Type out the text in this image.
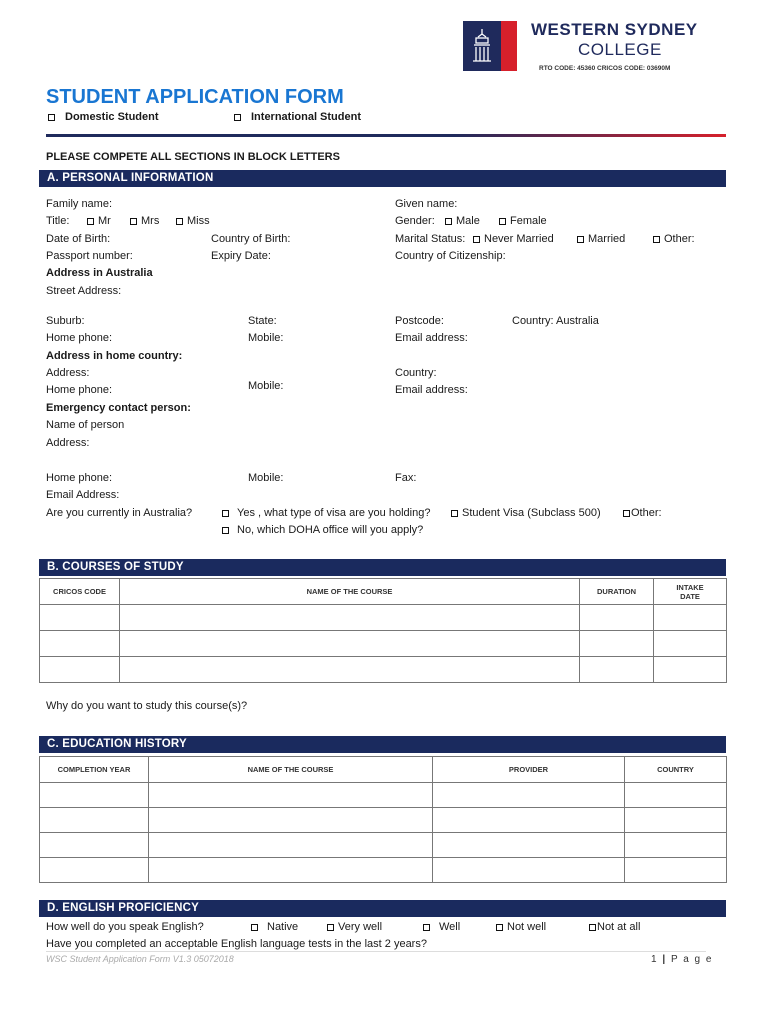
WESTERN SYDNEY
COLLEGE
RTO CODE: 45360 CRICOS CODE: 03690M
STUDENT APPLICATION FORM
Domestic Student	International Student
PLEASE COMPETE ALL SECTIONS IN BLOCK LETTERS
A. PERSONAL INFORMATION
Family name:	Given name:
Title:	Mr	Mrs	Miss	Gender:	Male	Female
Date of Birth:	Country of Birth:	Marital Status:	Never Married	Married	Other:
Passport number:	Expiry Date:	Country of Citizenship:
Address in Australia
Street Address:
Suburb:	State:	Postcode:	Country: Australia
Home phone:	Mobile:	Email address:
Address in home country:
Address:	Country:
Home phone:	Mobile:	Email address:
Emergency contact person:
Name of person
Address:
Home phone:	Mobile:	Fax:
Email Address:
Are you currently in Australia?	Yes , what type of visa are you holding?	Student Visa (Subclass 500)	Other:
No, which DOHA office will you apply?
B. COURSES OF STUDY
CRICOS CODE	NAME OF THE COURSE	DURATION	INTAKE DATE

Why do you want to study this course(s)?
C. EDUCATION HISTORY
COMPLETION YEAR	NAME OF THE COURSE	PROVIDER	COUNTRY

D. ENGLISH PROFICIENCY
How well do you speak English?	Native	Very well	Well	Not well	Not at all
Have you completed an acceptable English language tests in the last 2 years?
WSC Student Application Form V1.3 05072018	1 | P a g e
